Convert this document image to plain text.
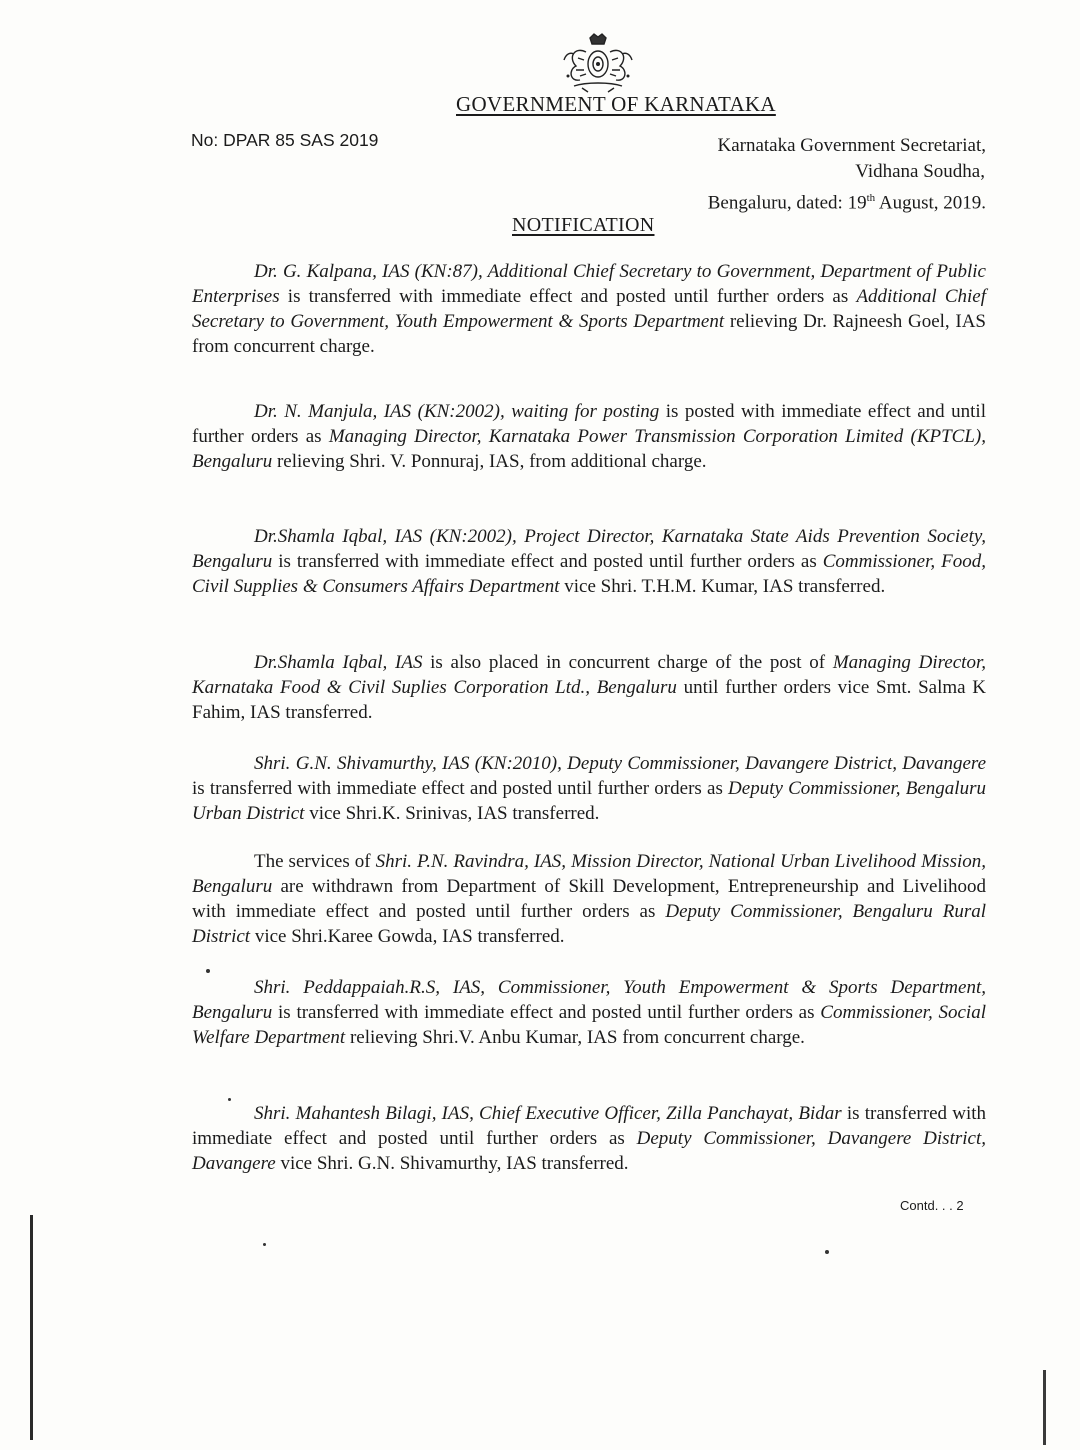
GOVERNMENT OF KARNATAKA
No: DPAR 85 SAS 2019	Karnataka Government Secretariat,
Vidhana Soudha,
Bengaluru, dated: 19th August, 2019.
NOTIFICATION

Dr. G. Kalpana, IAS (KN:87), Additional Chief Secretary to Government, Department of Public Enterprises is transferred with immediate effect and posted until further orders as Additional Chief Secretary to Government, Youth Empowerment & Sports Department relieving Dr. Rajneesh Goel, IAS from concurrent charge.

Dr. N. Manjula, IAS (KN:2002), waiting for posting is posted with immediate effect and until further orders as Managing Director, Karnataka Power Transmission Corporation Limited (KPTCL), Bengaluru relieving Shri. V. Ponnuraj, IAS, from additional charge.

Dr.Shamla Iqbal, IAS (KN:2002), Project Director, Karnataka State Aids Prevention Society, Bengaluru is transferred with immediate effect and posted until further orders as Commissioner, Food, Civil Supplies & Consumers Affairs Department vice Shri. T.H.M. Kumar, IAS transferred.

Dr.Shamla Iqbal, IAS is also placed in concurrent charge of the post of Managing Director, Karnataka Food & Civil Suplies Corporation Ltd., Bengaluru until further orders vice Smt. Salma K Fahim, IAS transferred.

Shri. G.N. Shivamurthy, IAS (KN:2010), Deputy Commissioner, Davangere District, Davangere is transferred with immediate effect and posted until further orders as Deputy Commissioner, Bengaluru Urban District vice Shri.K. Srinivas, IAS transferred.

The services of Shri. P.N. Ravindra, IAS, Mission Director, National Urban Livelihood Mission, Bengaluru are withdrawn from Department of Skill Development, Entrepreneurship and Livelihood with immediate effect and posted until further orders as Deputy Commissioner, Bengaluru Rural District vice Shri.Karee Gowda, IAS transferred.

Shri. Peddappaiah.R.S, IAS, Commissioner, Youth Empowerment & Sports Department, Bengaluru is transferred with immediate effect and posted until further orders as Commissioner, Social Welfare Department relieving Shri.V. Anbu Kumar, IAS from concurrent charge.

Shri. Mahantesh Bilagi, IAS, Chief Executive Officer, Zilla Panchayat, Bidar is transferred with immediate effect and posted until further orders as Deputy Commissioner, Davangere District, Davangere vice Shri. G.N. Shivamurthy, IAS transferred.

Contd. . . 2
